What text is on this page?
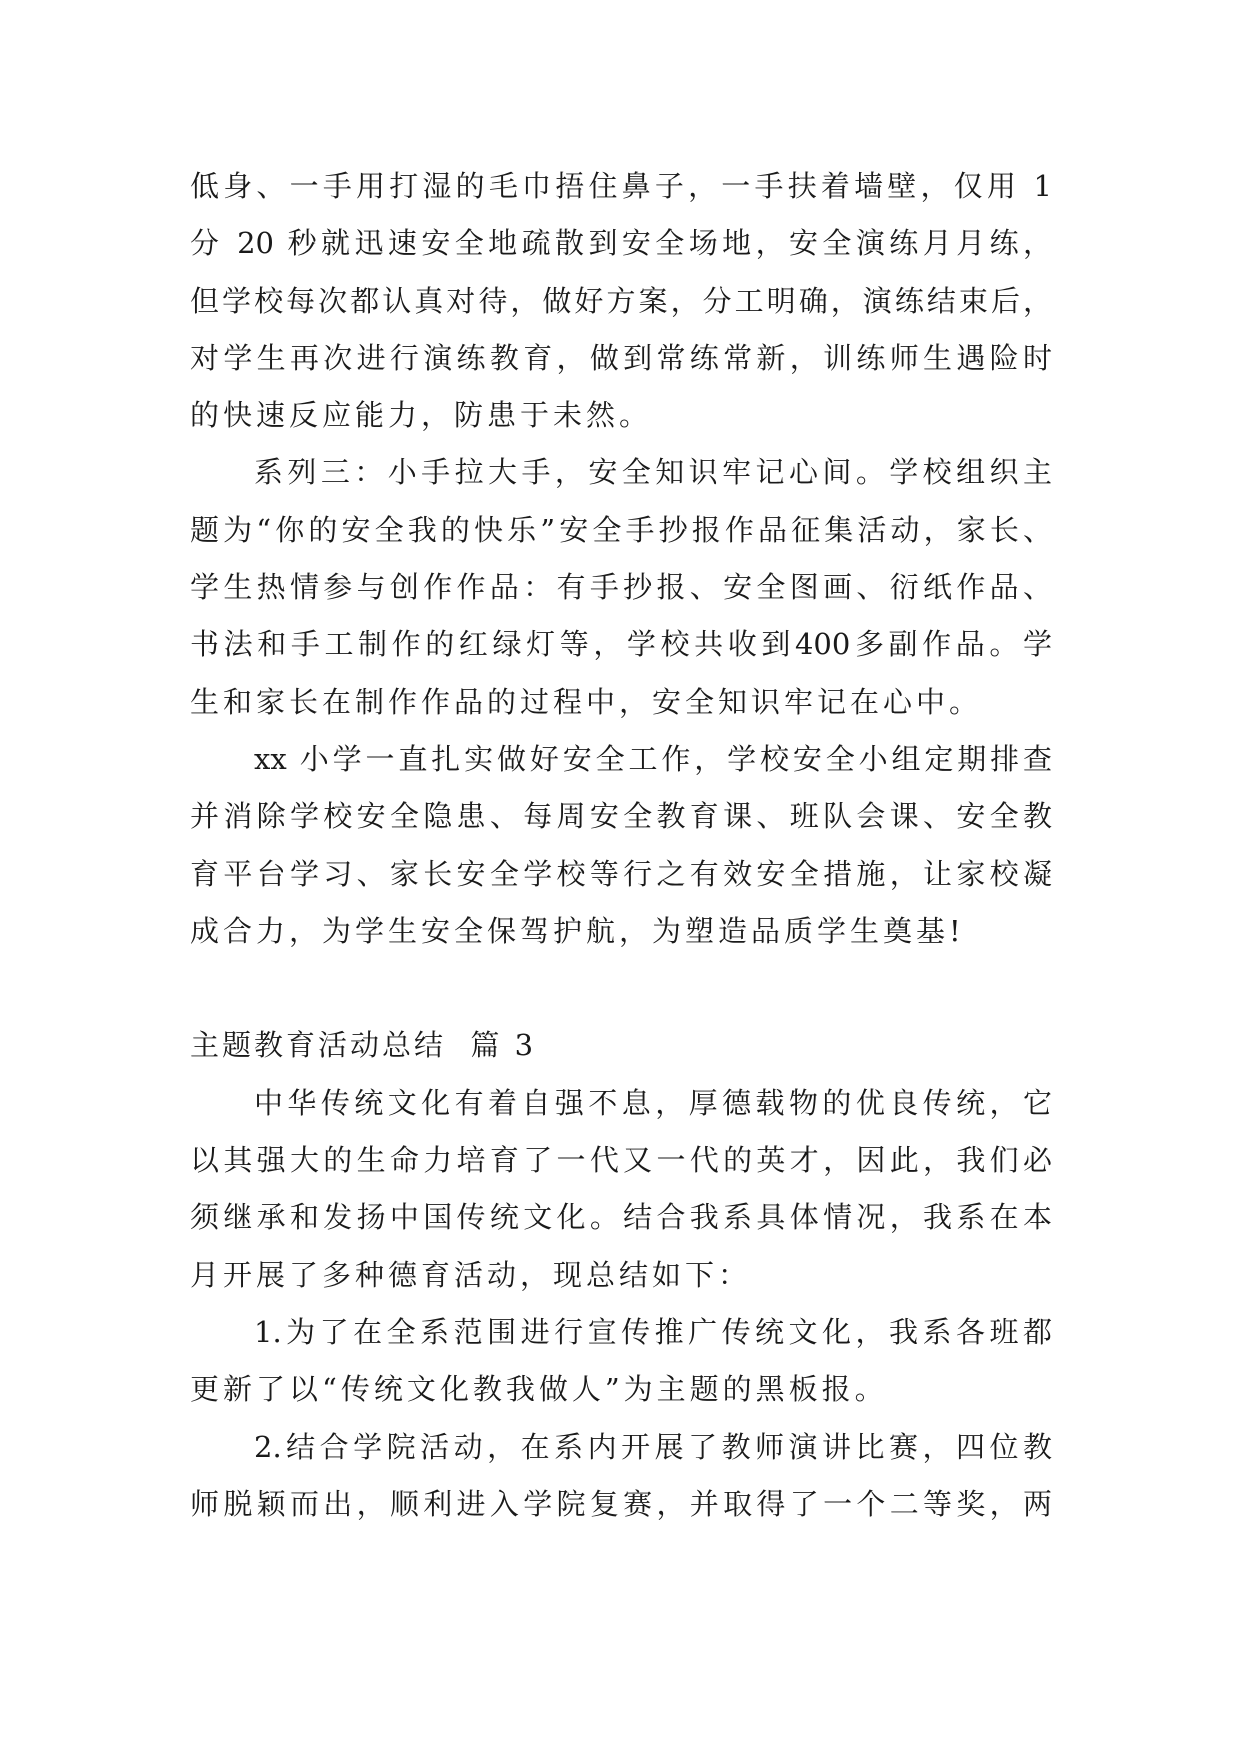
低身、一手用打湿的毛巾捂住鼻子，一手扶着墙壁，仅用 1
分 20 秒就迅速安全地疏散到安全场地，安全演练月月练，
但学校每次都认真对待，做好方案，分工明确，演练结束后，
对学生再次进行演练教育，做到常练常新，训练师生遇险时
的快速反应能力，防患于未然。
系列三：小手拉大手，安全知识牢记心间。学校组织主
题为“你的安全我的快乐”安全手抄报作品征集活动，家长、
学生热情参与创作作品：有手抄报、安全图画、衍纸作品、
书法和手工制作的红绿灯等，学校共收到400多副作品。学
生和家长在制作作品的过程中，安全知识牢记在心中。
xx 小学一直扎实做好安全工作，学校安全小组定期排查
并消除学校安全隐患、每周安全教育课、班队会课、安全教
育平台学习、家长安全学校等行之有效安全措施，让家校凝
成合力，为学生安全保驾护航，为塑造品质学生奠基!
主题教育活动总结  篇 3
中华传统文化有着自强不息，厚德载物的优良传统，它
以其强大的生命力培育了一代又一代的英才，因此，我们必
须继承和发扬中国传统文化。结合我系具体情况，我系在本
月开展了多种德育活动，现总结如下：
1.为了在全系范围进行宣传推广传统文化，我系各班都
更新了以“传统文化教我做人”为主题的黑板报。
2.结合学院活动，在系内开展了教师演讲比赛，四位教
师脱颖而出，顺利进入学院复赛，并取得了一个二等奖，两
